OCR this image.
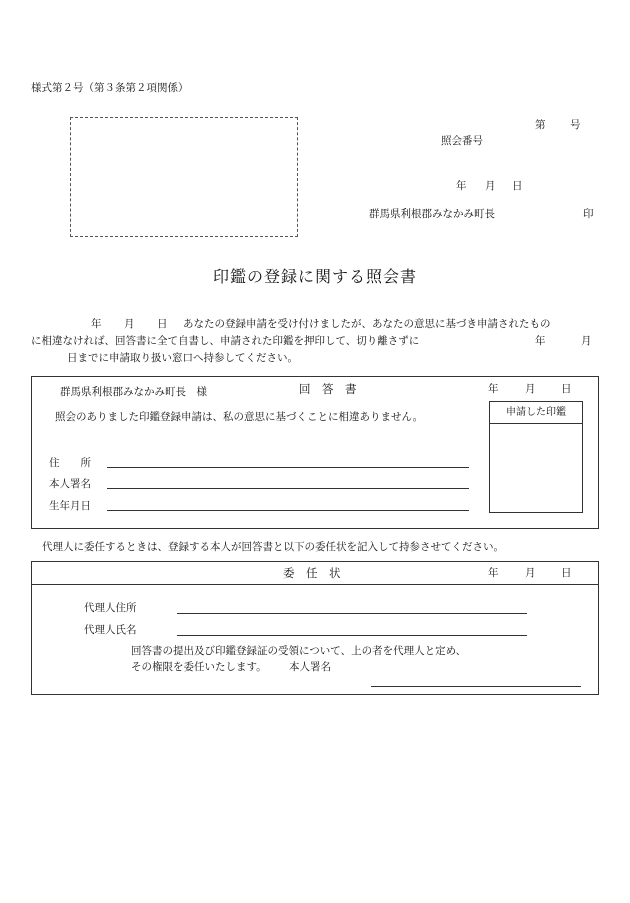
様式第２号（第３条第２項関係）
第 号
照会番号
年 月 日
群馬県利根郡みなかみ町長	印
印鑑の登録に関する照会書
年 月 日 あなたの登録申請を受け付けましたが、あなたの意思に基づき申請されたもの
に相違なければ、回答書に全て自書し、申請された印鑑を押印して、切り離さずに	年	月
日までに申請取り扱い窓口へ持参してください。
群馬県利根郡みなかみ町長　様	回　答　書	年	月 日
照会のありました印鑑登録申請は、私の意思に基づくことに相違ありません。	申請した印鑑
住　　所
本人署名
生年月日
代理人に委任するときは、登録する本人が回答書と以下の委任状を記入して持参させてください。
委　任　状	年	月 日
代理人住所
代理人氏名
回答書の提出及び印鑑登録証の受領について、上の者を代理人と定め、
その権限を委任いたします。 本人署名
